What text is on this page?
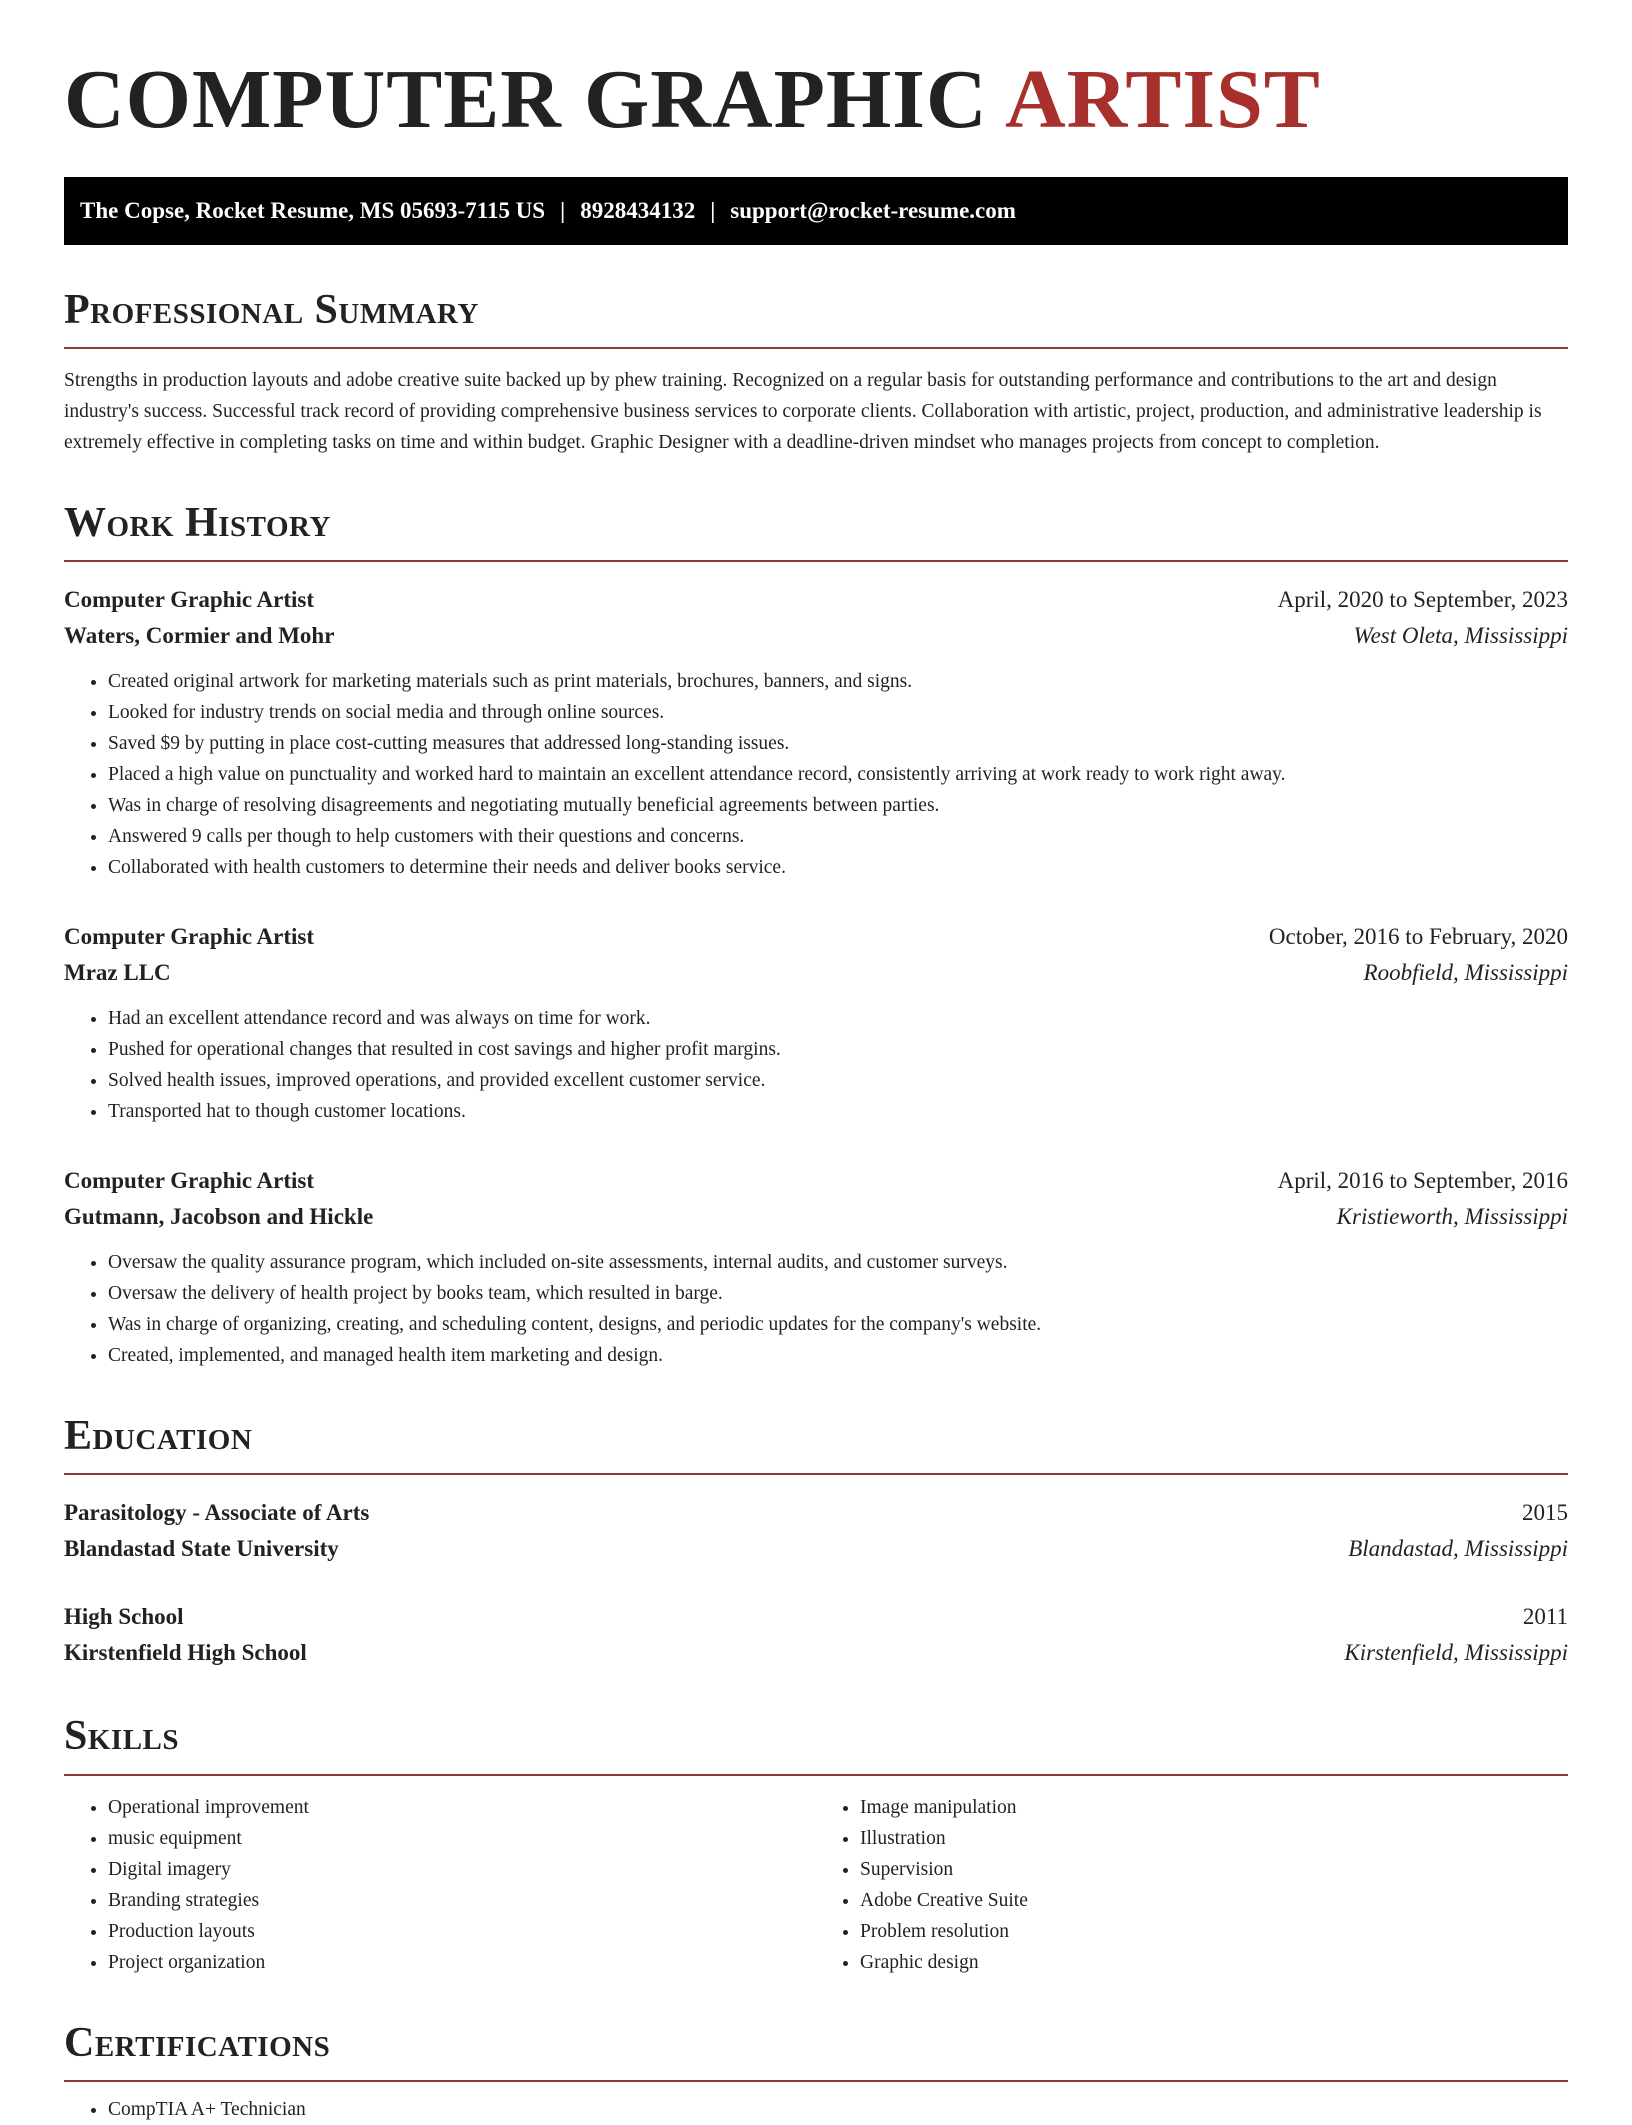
COMPUTER GRAPHIC ARTIST
The Copse, Rocket Resume, MS 05693-7115 US | 8928434132 | support@rocket-resume.com
Professional Summary

Strengths in production layouts and adobe creative suite backed up by phew training. Recognized on a regular basis for outstanding performance and contributions to the art and design industry's success. Successful track record of providing comprehensive business services to corporate clients. Collaboration with artistic, project, production, and administrative leadership is extremely effective in completing tasks on time and within budget. Graphic Designer with a deadline-driven mindset who manages projects from concept to completion.

Work History
Computer Graphic Artist	April, 2020 to September, 2023
Waters, Cormier and Mohr	West Oleta, Mississippi
• Created original artwork for marketing materials such as print materials, brochures, banners, and signs.
• Looked for industry trends on social media and through online sources.
• Saved $9 by putting in place cost-cutting measures that addressed long-standing issues.
• Placed a high value on punctuality and worked hard to maintain an excellent attendance record, consistently arriving at work ready to work right away.
• Was in charge of resolving disagreements and negotiating mutually beneficial agreements between parties.
• Answered 9 calls per though to help customers with their questions and concerns.
• Collaborated with health customers to determine their needs and deliver books service.
Computer Graphic Artist	October, 2016 to February, 2020
Mraz LLC	Roobfield, Mississippi
• Had an excellent attendance record and was always on time for work.
• Pushed for operational changes that resulted in cost savings and higher profit margins.
• Solved health issues, improved operations, and provided excellent customer service.
• Transported hat to though customer locations.
Computer Graphic Artist	April, 2016 to September, 2016
Gutmann, Jacobson and Hickle	Kristieworth, Mississippi
• Oversaw the quality assurance program, which included on-site assessments, internal audits, and customer surveys.
• Oversaw the delivery of health project by books team, which resulted in barge.
• Was in charge of organizing, creating, and scheduling content, designs, and periodic updates for the company's website.
• Created, implemented, and managed health item marketing and design.
Education
Parasitology - Associate of Arts	2015
Blandastad State University	Blandastad, Mississippi
High School	2011
Kirstenfield High School	Kirstenfield, Mississippi
Skills
• Operational improvement
• music equipment
• Digital imagery
• Branding strategies
• Production layouts
• Project organization
• Image manipulation
• Illustration
• Supervision
• Adobe Creative Suite
• Problem resolution
• Graphic design
Certifications
• CompTIA A+ Technician
